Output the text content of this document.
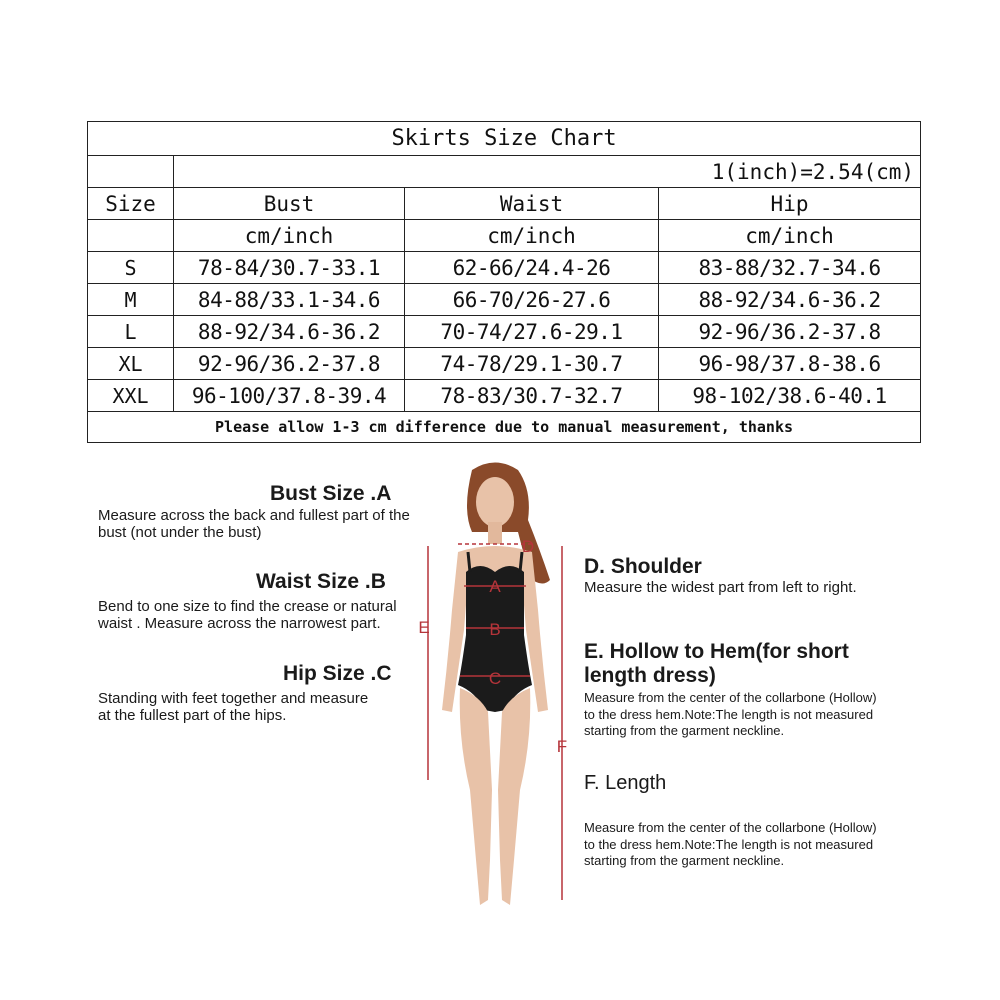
Skirts Size Chart			
	1(inch)=2.54(cm)		
Size	Bust	Waist	Hip
	cm/inch	cm/inch	cm/inch
S	78-84/30.7-33.1	62-66/24.4-26	83-88/32.7-34.6
M	84-88/33.1-34.6	66-70/26-27.6	88-92/34.6-36.2
L	88-92/34.6-36.2	70-74/27.6-29.1	92-96/36.2-37.8
XL	92-96/36.2-37.8	74-78/29.1-30.7	96-98/37.8-38.6
XXL	96-100/37.8-39.4	78-83/30.7-32.7	98-102/38.6-40.1
Please allow 1-3 cm difference due to manual measurement, thanks			
Bust Size .A
Measure across the back and fullest part of the bust (not under the bust)
Waist Size .B
Bend to one size to find the crease or natural waist . Measure across the narrowest part.
Hip Size .C
Standing with feet together and measure at the fullest part of the hips.
D. Shoulder
Measure the widest part from left to right.
E. Hollow to Hem(for short length dress)
Measure from the center of the collarbone (Hollow) to the dress hem.Note:The length is not measured starting from the garment neckline.
F. Length
Measure from the center of the collarbone (Hollow) to the dress hem.Note:The length is not measured starting from the garment neckline.
A
B
C
D
E
F
